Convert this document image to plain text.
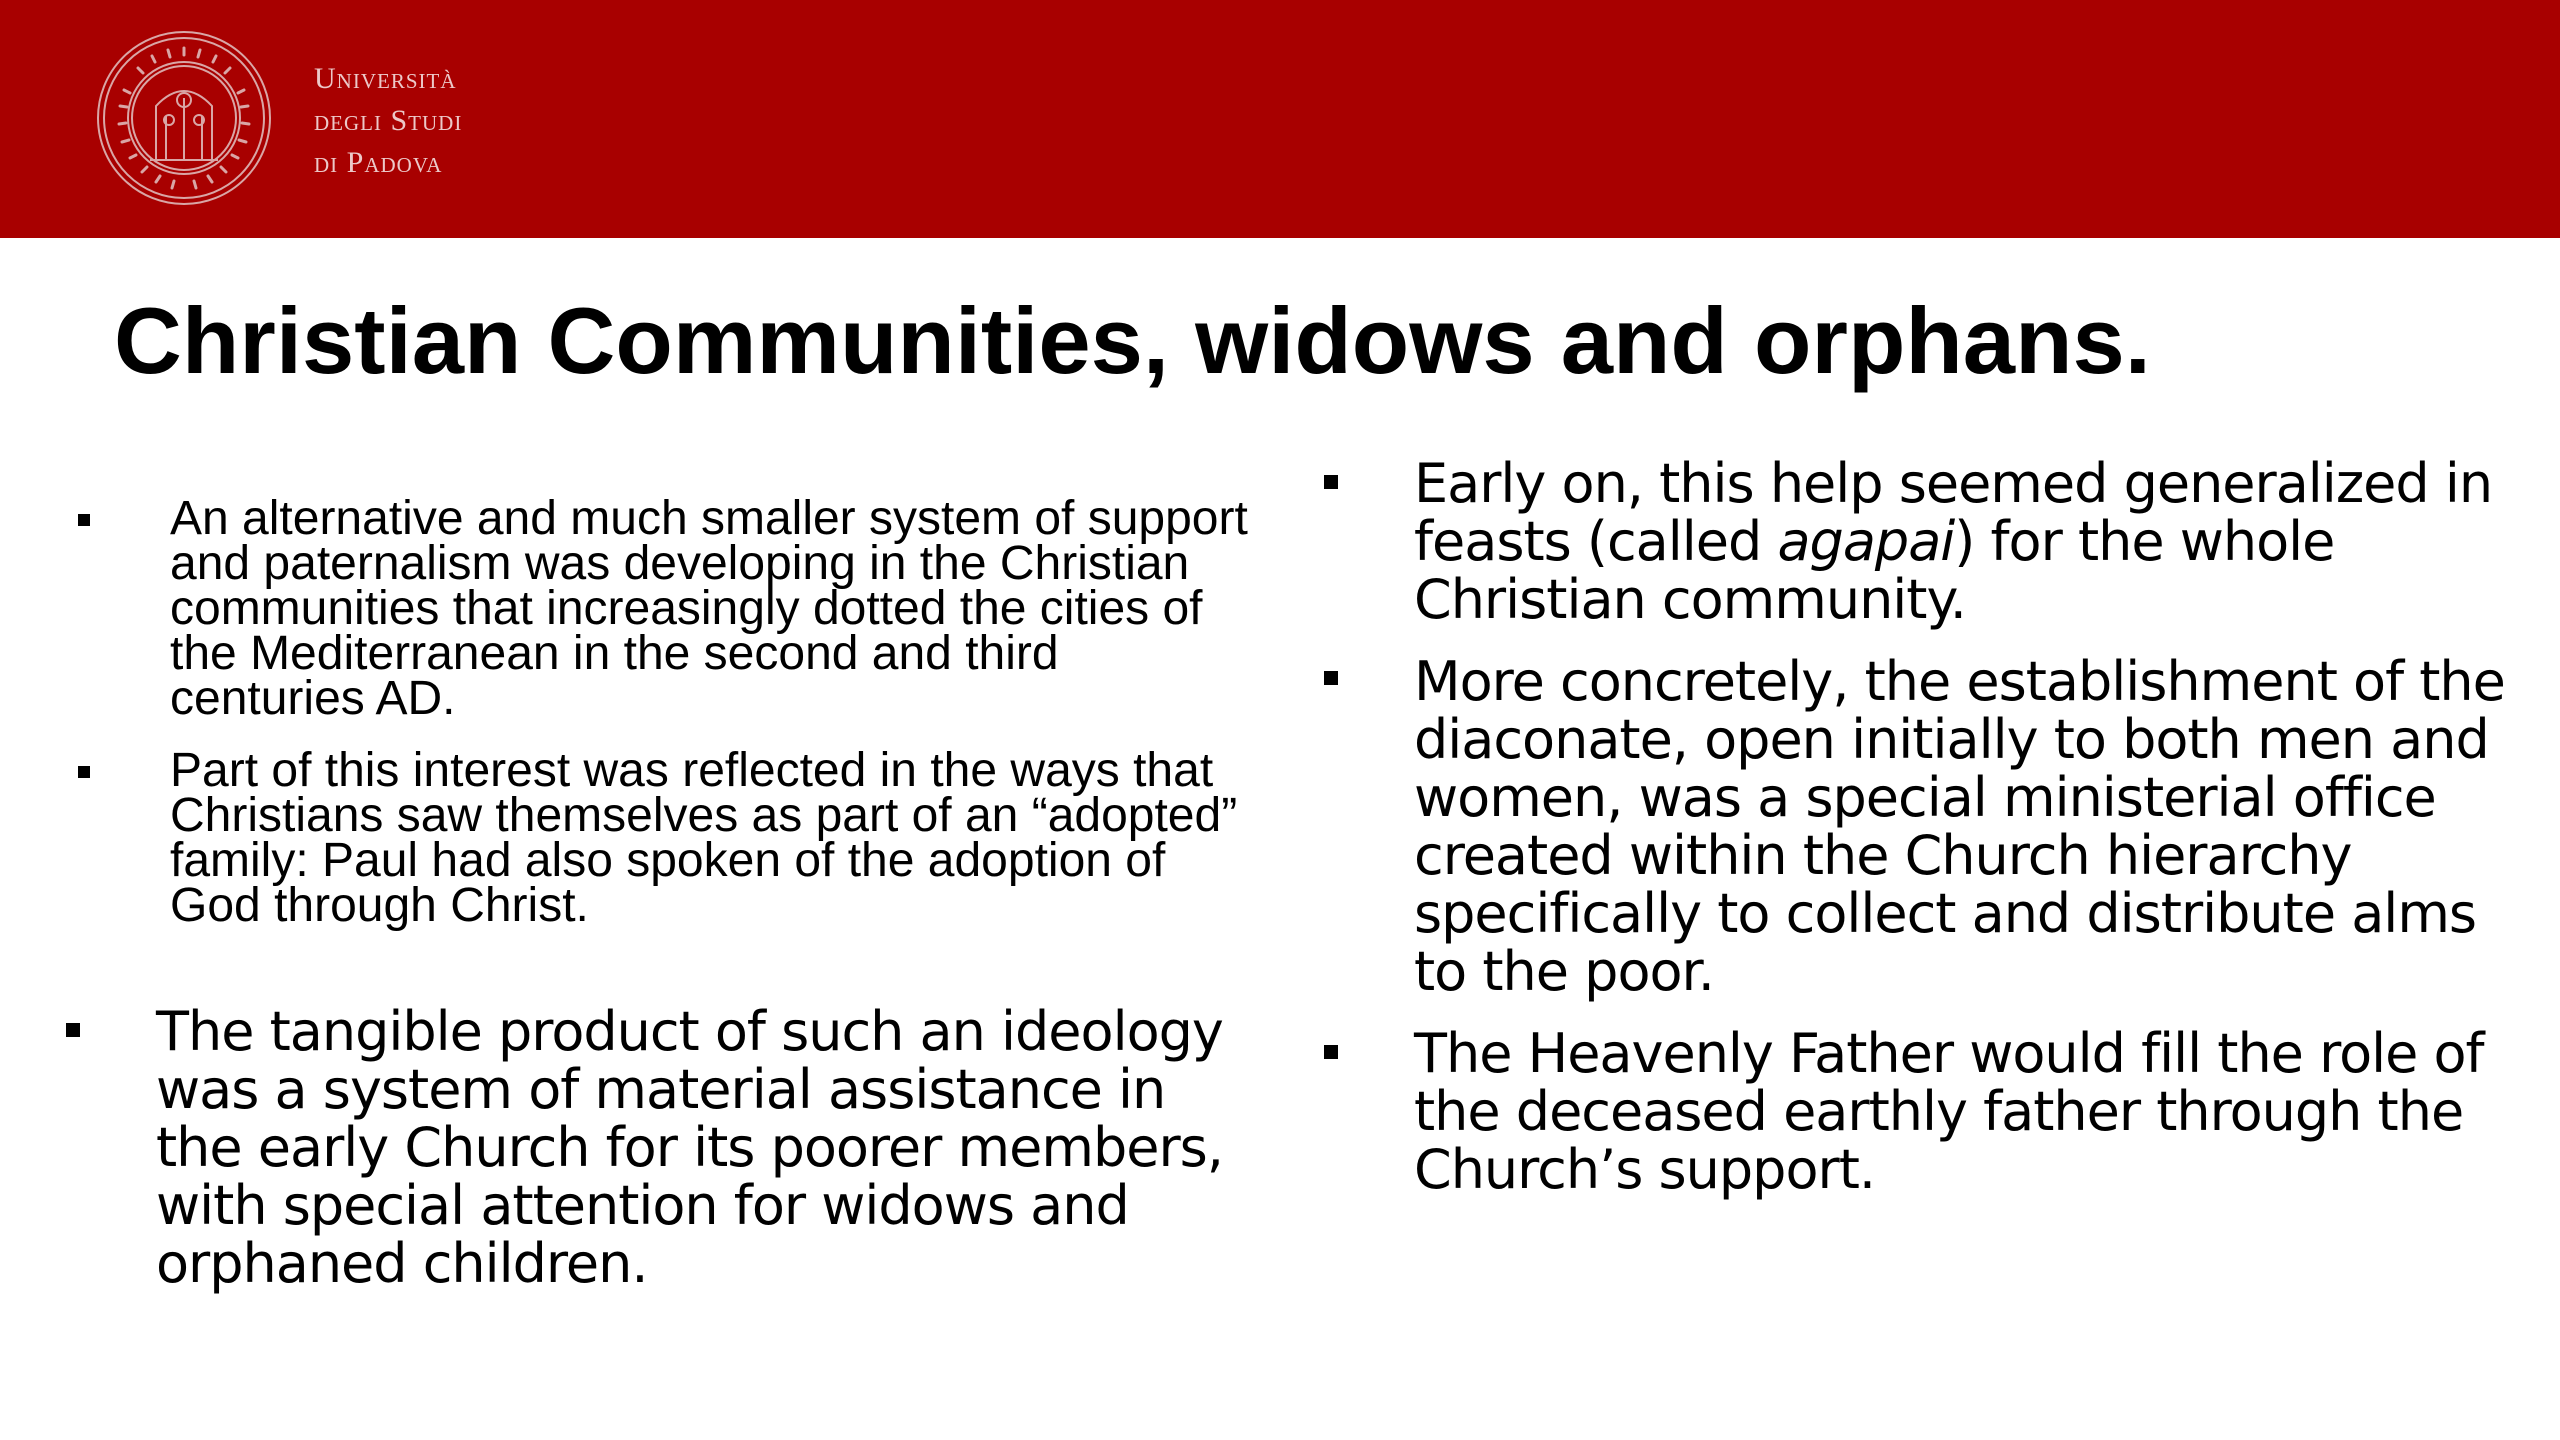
Università
degli Studi
di Padova
Christian Communities, widows and orphans.
An alternative and much smaller system of support and paternalism was developing in the Christian communities that increasingly dotted the cities of the Mediterranean in the second and third centuries AD.
Part of this interest was reflected in the ways that Christians saw themselves as part of an “adopted” family: Paul had also spoken of the adoption of God through Christ.
The tangible product of such an ideology was a system of material assistance in the early Church for its poorer members, with special attention for widows and orphaned children.
Early on, this help seemed generalized in feasts (called agapai) for the whole Christian community.
More concretely, the establishment of the diaconate, open initially to both men and women, was a special ministerial office created within the Church hierarchy specifically to collect and distribute alms to the poor.
The Heavenly Father would fill the role of the deceased earthly father through the Church’s support.
